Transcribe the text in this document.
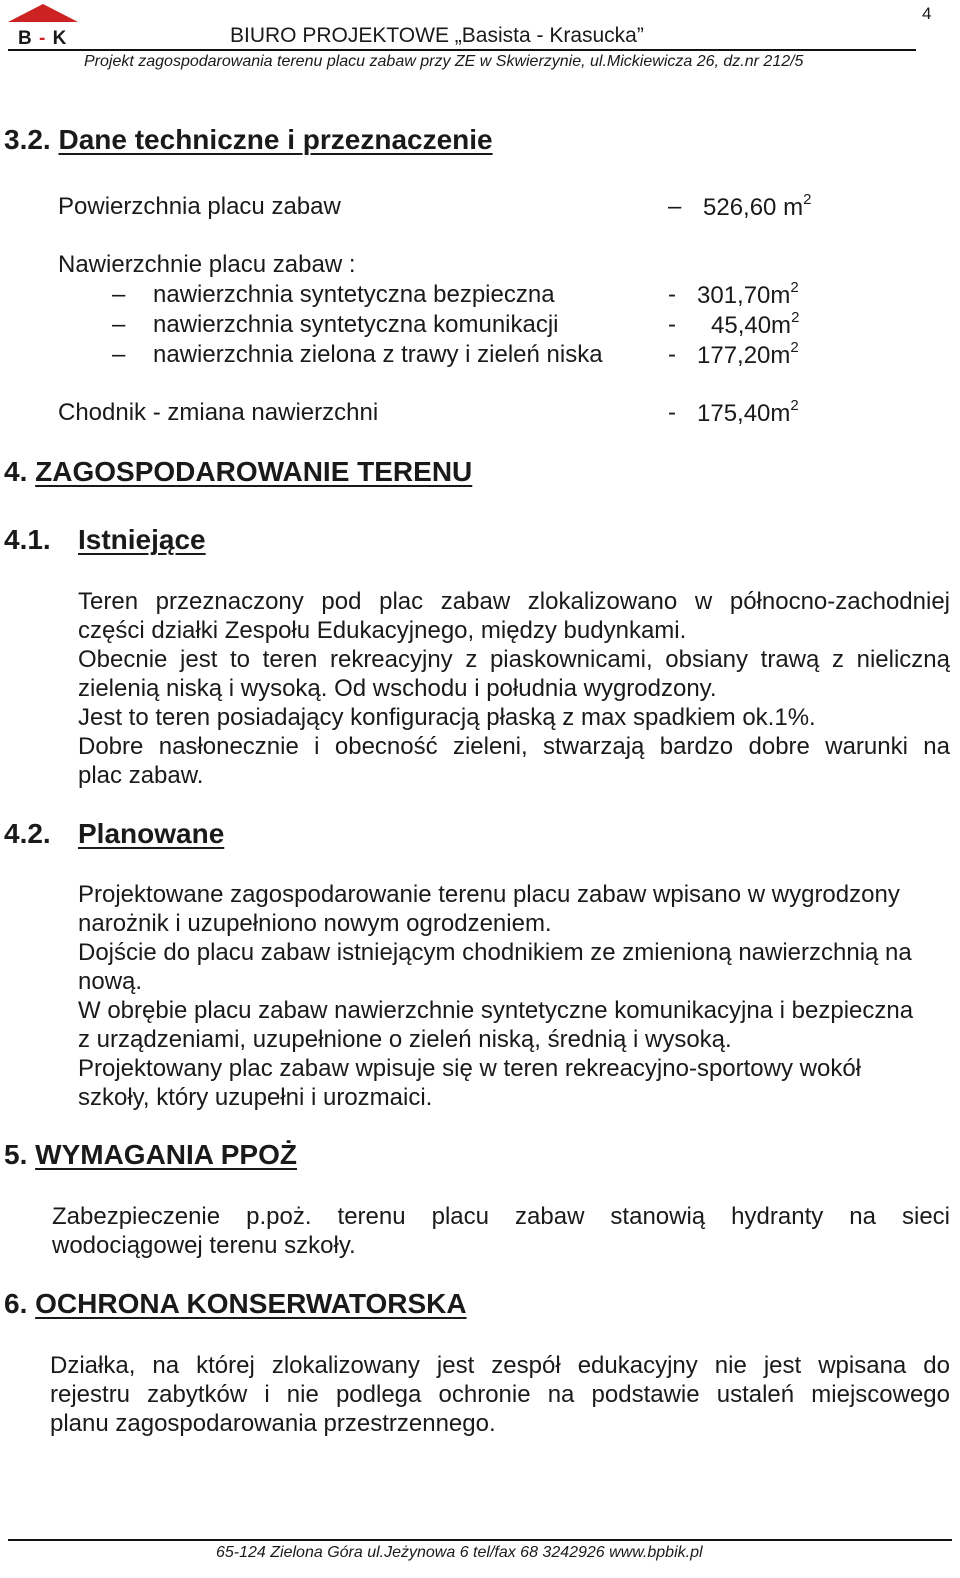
B - K	BIURO PROJEKTOWE „Basista - Krasucka”
4
Projekt zagospodarowania terenu placu zabaw przy ZE w Skwierzynie, ul.Mickiewicza 26, dz.nr 212/5
3.2. Dane techniczne i przeznaczenie
Powierzchnia placu zabaw	– 526,60 $m^2$
Nawierzchnie placu zabaw :
– nawierzchnia syntetyczna bezpieczna	- $301,70m^2$
– nawierzchnia syntetyczna komunikacji	- $45,40m^2$
– nawierzchnia zielona z trawy i zieleń niska	- $177,20m^2$
Chodnik - zmiana nawierzchni	- $175,40m^2$
4. ZAGOSPODAROWANIE TERENU
4.1. Istniejące
Teren przeznaczony pod plac zabaw zlokalizowano w północno-zachodniej
części działki Zespołu Edukacyjnego, między budynkami.
Obecnie jest to teren rekreacyjny z piaskownicami, obsiany trawą z nieliczną
zielenią niską i wysoką. Od wschodu i południa wygrodzony.
Jest to teren posiadający konfiguracją płaską z max spadkiem ok.1%.
Dobre nasłonecznie i obecność zieleni, stwarzają bardzo dobre warunki na
plac zabaw.
4.2. Planowane
Projektowane zagospodarowanie terenu placu zabaw wpisano w wygrodzony
narożnik i uzupełniono nowym ogrodzeniem.
Dojście do placu zabaw istniejącym chodnikiem ze zmienioną nawierzchnią na
nową.
W obrębie placu zabaw nawierzchnie syntetyczne komunikacyjna i bezpieczna
z urządzeniami, uzupełnione o zieleń niską, średnią i wysoką.
Projektowany plac zabaw wpisuje się w teren rekreacyjno-sportowy wokół
szkoły, który uzupełni i urozmaici.
5. WYMAGANIA PPOŻ
Zabezpieczenie p.poż. terenu placu zabaw stanowią hydranty na sieci
wodociągowej terenu szkoły.
6. OCHRONA KONSERWATORSKA
Działka, na której zlokalizowany jest zespół edukacyjny nie jest wpisana do
rejestru zabytków i nie podlega ochronie na podstawie ustaleń miejscowego
planu zagospodarowania przestrzennego.
65-124 Zielona Góra ul.Jeżynowa 6 tel/fax 68 3242926 www.bpbik.pl
